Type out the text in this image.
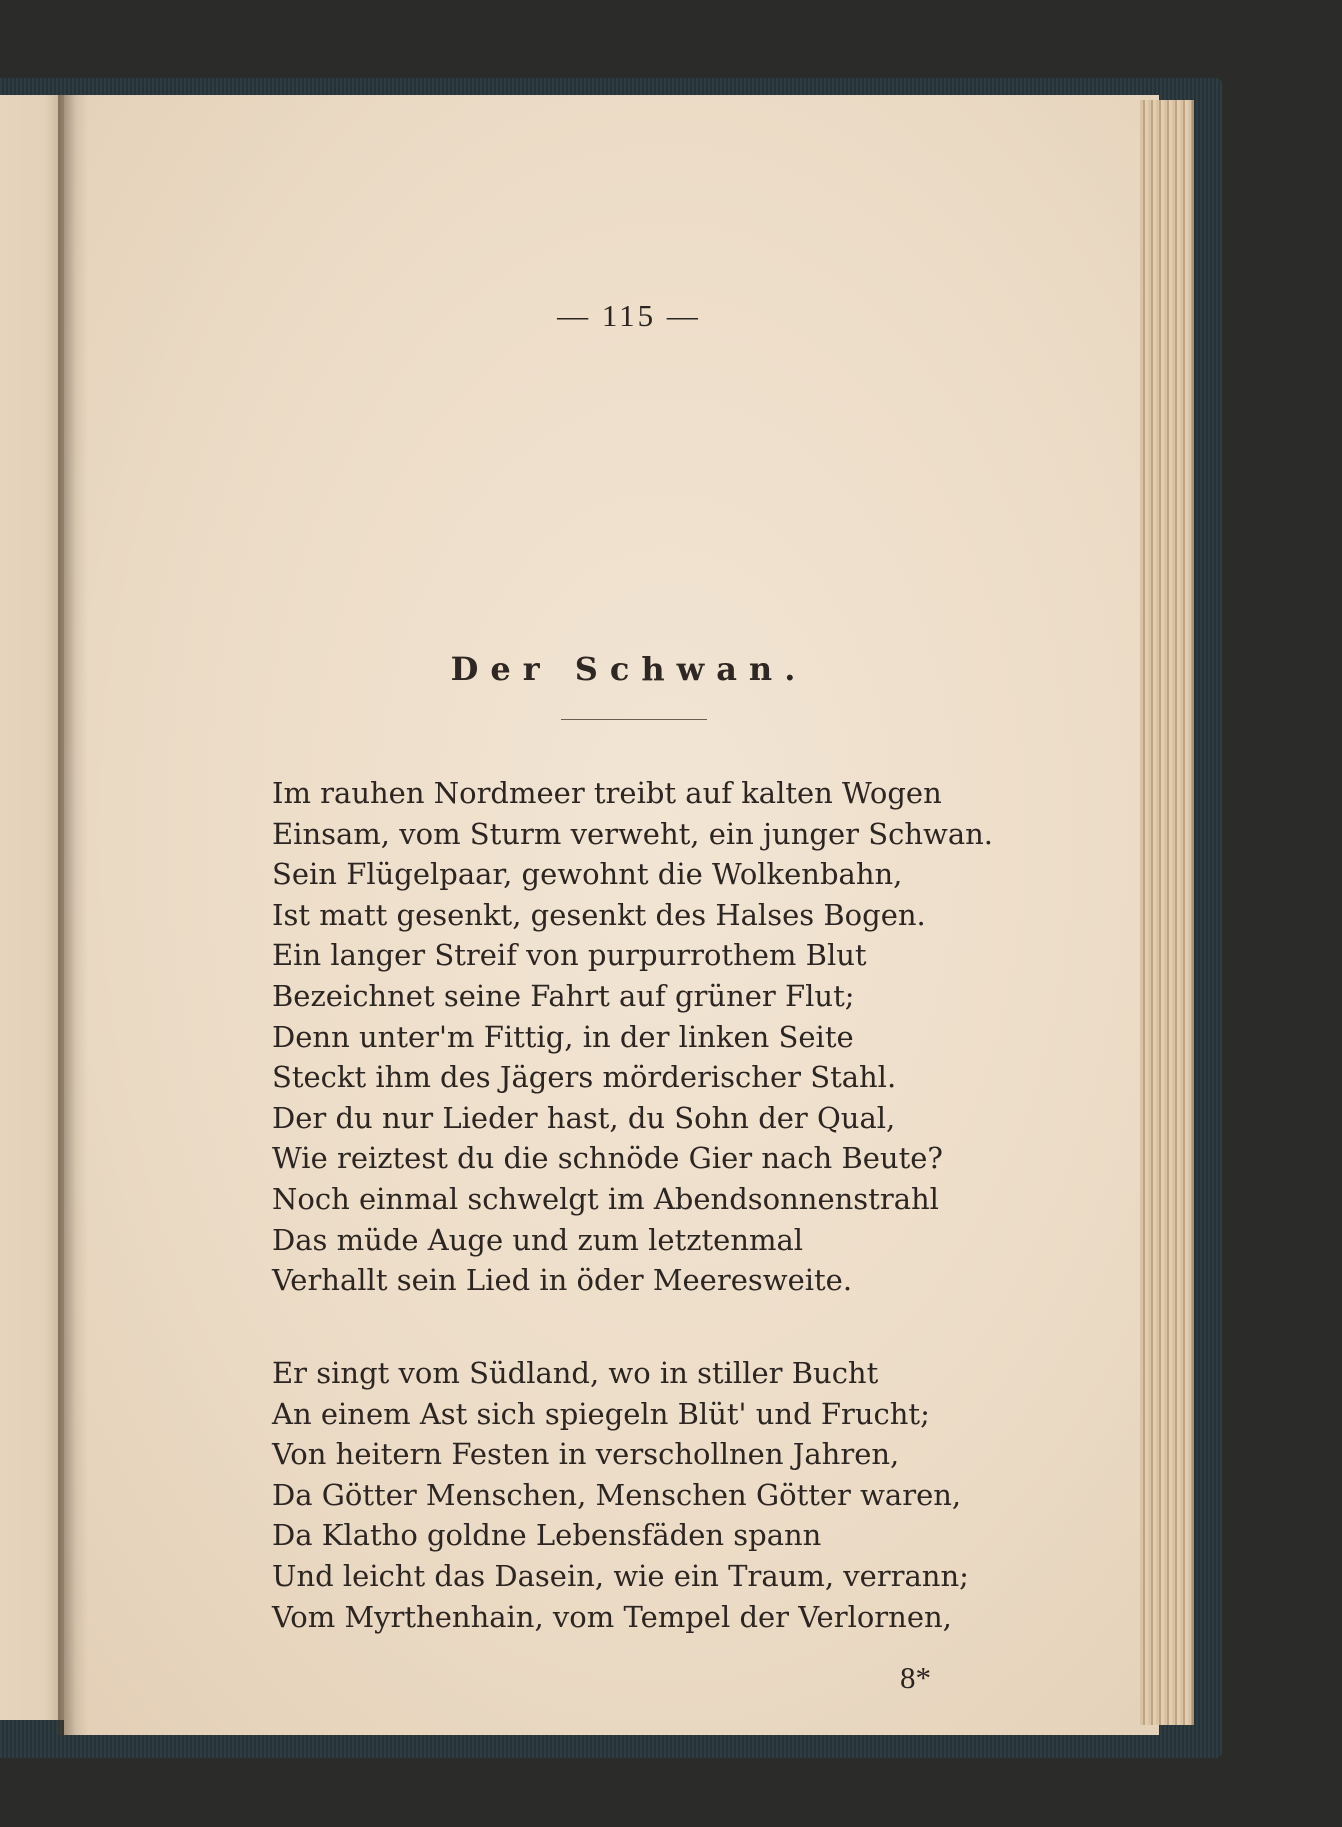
— 115 —
Der Schwan.
Im rauhen Nordmeer treibt auf kalten Wogen
Einsam, vom Sturm verweht, ein junger Schwan.
Sein Flügelpaar, gewohnt die Wolkenbahn,
Ist matt gesenkt, gesenkt des Halses Bogen.
Ein langer Streif von purpurrothem Blut
Bezeichnet seine Fahrt auf grüner Flut;
Denn unter'm Fittig, in der linken Seite
Steckt ihm des Jägers mörderischer Stahl.
Der du nur Lieder hast, du Sohn der Qual,
Wie reiztest du die schnöde Gier nach Beute?
Noch einmal schwelgt im Abendsonnenstrahl
Das müde Auge und zum letztenmal
Verhallt sein Lied in öder Meeresweite.
Er singt vom Südland, wo in stiller Bucht
An einem Ast sich spiegeln Blüt' und Frucht;
Von heitern Festen in verschollnen Jahren,
Da Götter Menschen, Menschen Götter waren,
Da Klatho goldne Lebensfäden spann
Und leicht das Dasein, wie ein Traum, verrann;
Vom Myrthenhain, vom Tempel der Verlornen,
8*
